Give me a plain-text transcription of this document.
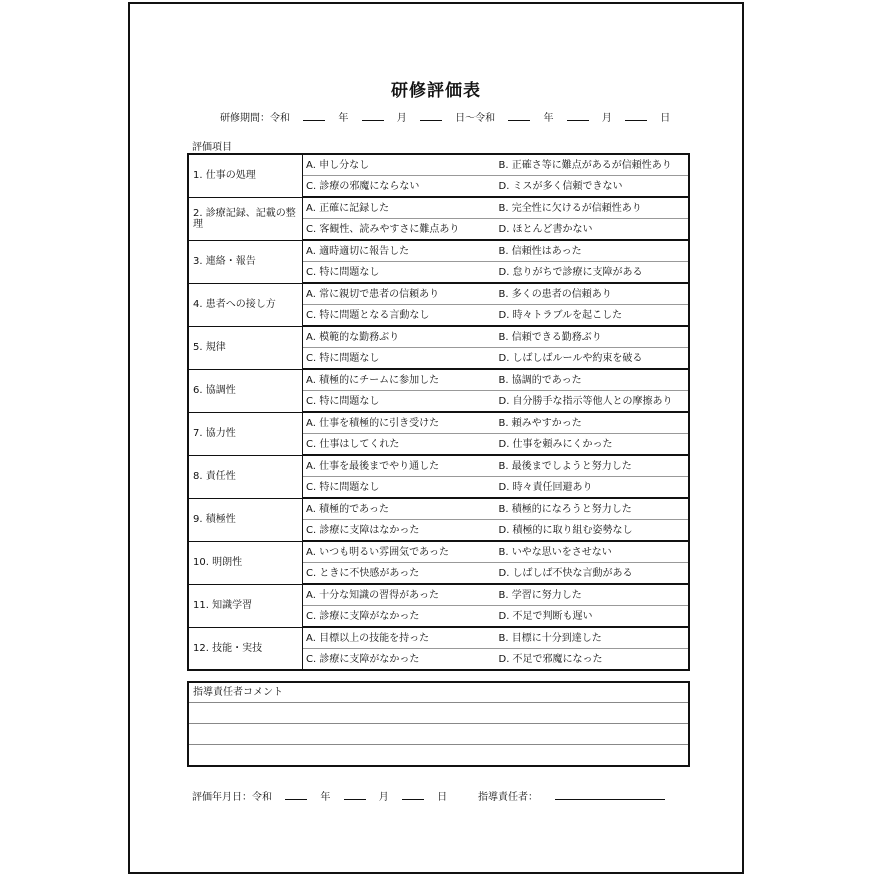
研修評価表
研修期間：令和	年	月	日～令和	年	月	日
評価項目
1. 仕事の処理	A. 申し分なし	B. 正確さ等に難点があるが信頼性あり
	C. 診療の邪魔にならない	D. ミスが多く信頼できない
2. 診療記録、記載の整理	A. 正確に記録した	B. 完全性に欠けるが信頼性あり
	C. 客観性、読みやすさに難点あり	D. ほとんど書かない
3. 連絡・報告	A. 適時適切に報告した	B. 信頼性はあった
	C. 特に問題なし	D. 怠りがちで診療に支障がある
4. 患者への接し方	A. 常に親切で患者の信頼あり	B. 多くの患者の信頼あり
	C. 特に問題となる言動なし	D. 時々トラブルを起こした
5. 規律	A. 模範的な勤務ぶり	B. 信頼できる勤務ぶり
	C. 特に問題なし	D. しばしばルールや約束を破る
6. 協調性	A. 積極的にチームに参加した	B. 協調的であった
	C. 特に問題なし	D. 自分勝手な指示等他人との摩擦あり
7. 協力性	A. 仕事を積極的に引き受けた	B. 頼みやすかった
	C. 仕事はしてくれた	D. 仕事を頼みにくかった
8. 責任性	A. 仕事を最後までやり通した	B. 最後までしようと努力した
	C. 特に問題なし	D. 時々責任回避あり
9. 積極性	A. 積極的であった	B. 積極的になろうと努力した
	C. 診療に支障はなかった	D. 積極的に取り組む姿勢なし
10. 明朗性	A. いつも明るい雰囲気であった	B. いやな思いをさせない
	C. ときに不快感があった	D. しばしば不快な言動がある
11. 知識学習	A. 十分な知識の習得があった	B. 学習に努力した
	C. 診療に支障がなかった	D. 不足で判断も遅い
12. 技能・実技	A. 目標以上の技能を持った	B. 目標に十分到達した
	C. 診療に支障がなかった	D. 不足で邪魔になった
指導責任者コメント
評価年月日：令和	年	月	日	指導責任者：
